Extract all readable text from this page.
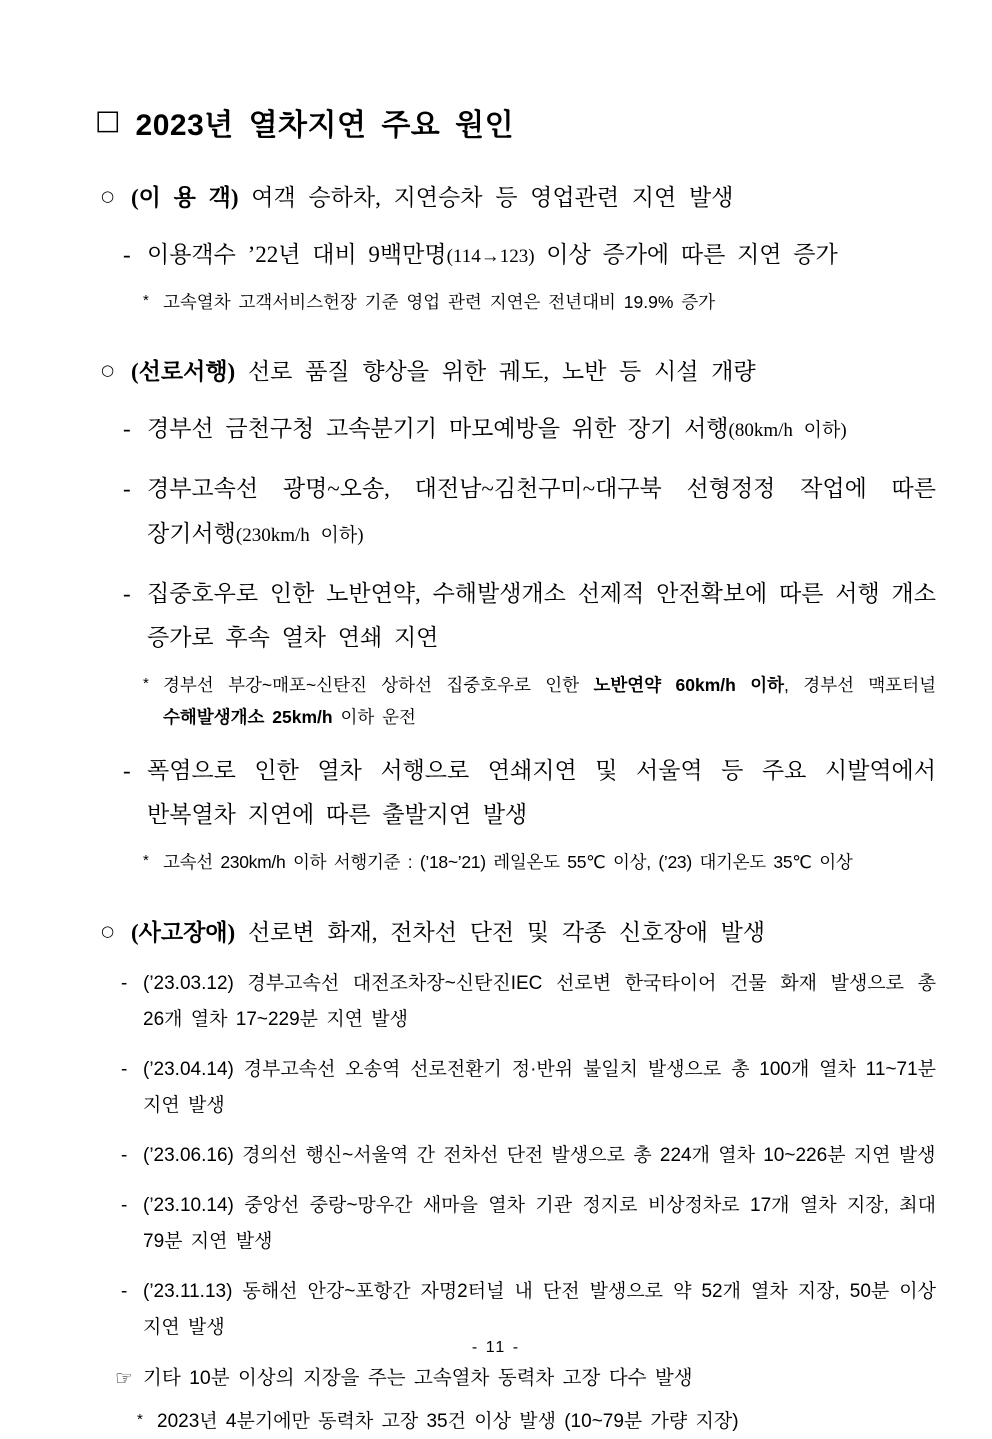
□ 2023년 열차지연 주요 원인
○ (이 용 객) 여객 승하차, 지연승차 등 영업관련 지연 발생
- 이용객수 ’22년 대비 9백만명(114→123) 이상 증가에 따른 지연 증가
* 고속열차 고객서비스헌장 기준 영업 관련 지연은 전년대비 19.9% 증가
○ (선로서행) 선로 품질 향상을 위한 궤도, 노반 등 시설 개량
- 경부선 금천구청 고속분기기 마모예방을 위한 장기 서행(80km/h 이하)
- 경부고속선 광명~오송, 대전남~김천구미~대구북 선형정정 작업에 따른 장기서행(230km/h 이하)
- 집중호우로 인한 노반연약, 수해발생개소 선제적 안전확보에 따른 서행 개소 증가로 후속 열차 연쇄 지연
* 경부선 부강~매포~신탄진 상하선 집중호우로 인한 노반연약 60km/h 이하, 경부선 맥포터널 수해발생개소 25km/h 이하 운전
- 폭염으로 인한 열차 서행으로 연쇄지연 및 서울역 등 주요 시발역에서 반복열차 지연에 따른 출발지연 발생
* 고속선 230km/h 이하 서행기준 : (’18~’21) 레일온도 55℃ 이상, (’23) 대기온도 35℃ 이상
○ (사고장애) 선로변 화재, 전차선 단전 및 각종 신호장애 발생
- (’23.03.12) 경부고속선 대전조차장~신탄진IEC 선로변 한국타이어 건물 화재 발생으로 총 26개 열차 17~229분 지연 발생
- (’23.04.14) 경부고속선 오송역 선로전환기 정·반위 불일치 발생으로 총 100개 열차 11~71분 지연 발생
- (’23.06.16) 경의선 행신~서울역 간 전차선 단전 발생으로 총 224개 열차 10~226분 지연 발생
- (’23.10.14) 중앙선 중랑~망우간 새마을 열차 기관 정지로 비상정차로 17개 열차 지장, 최대 79분 지연 발생
- (’23.11.13) 동해선 안강~포항간 자명2터널 내 단전 발생으로 약 52개 열차 지장, 50분 이상 지연 발생
☞ 기타 10분 이상의 지장을 주는 고속열차 동력차 고장 다수 발생
* 2023년 4분기에만 동력차 고장 35건 이상 발생 (10~79분 가량 지장)
- 11 -
